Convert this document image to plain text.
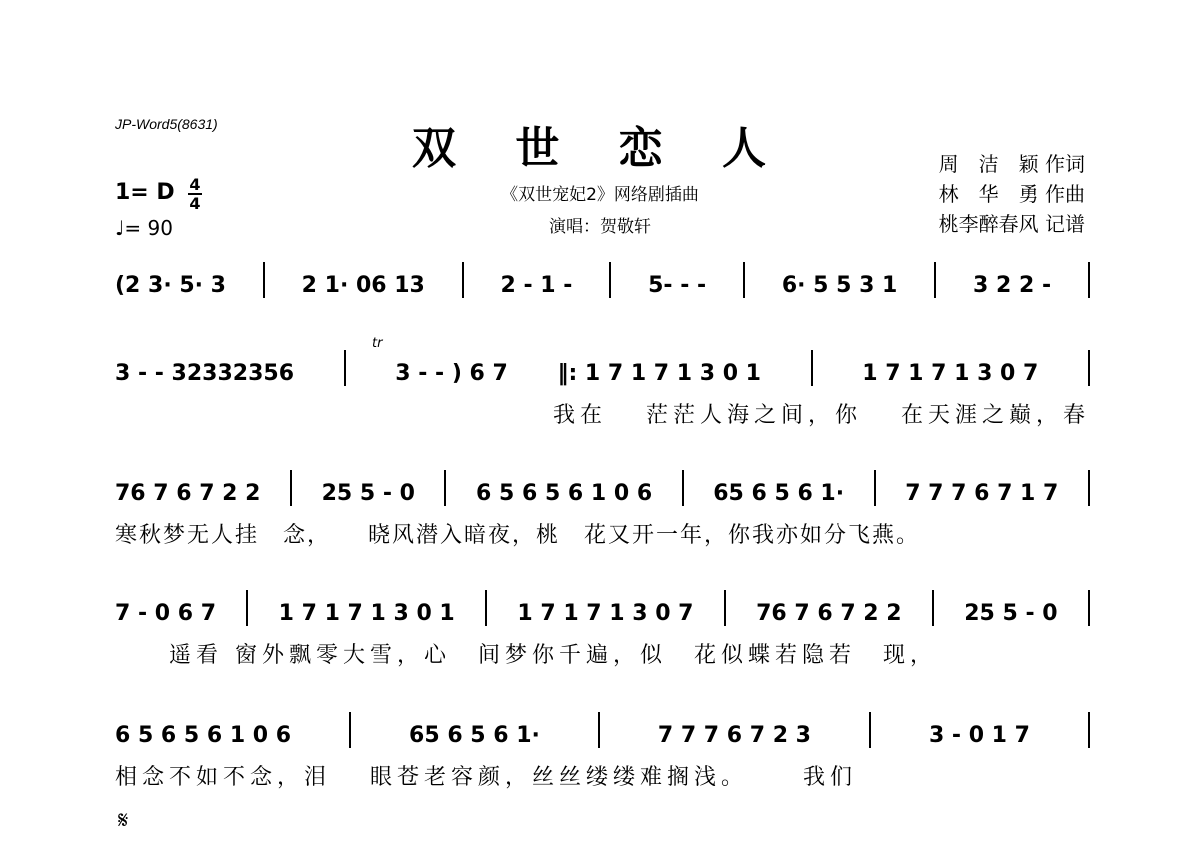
JP-Word5(8631)	双 世 恋 人
《双世宠妃2》网络剧插曲
演唱：贺敬轩
周　洁　颖 作词
林　华　勇 作曲
桃李醉春风 记谱
1= D 4
4
♩= 90
(2 3· 5· 3	2 1· 06 13	2 - 1 -	5- - -	6· 5 5 3 1	3 2 2 -
tr
3 - - 32332356	3 - - ) 6 7 ‖: 1 7 1 7 1 3 0 1	1 7 1 7 1 3 0 7
我在　 茫茫人海之间，你　 在天涯之巅，春
76 7 6 7 2 2	25 5 - 0	6 5 6 5 6 1 0 6	65 6 5 6 1·	7 7 7 6 7 1 7
寒秋梦无人挂　念，　　晓风潜入暗夜，桃　花又开一年，你我亦如分飞燕。
7 - 0 6 7	1 7 1 7 1 3 0 1	1 7 1 7 1 3 0 7	76 7 6 7 2 2	25 5 - 0
　　遥看 窗外飘零大雪，心　间梦你千遍，似　花似蝶若隐若　现，
6 5 6 5 6 1 0 6	65 6 5 6 1·	7 7 7 6 7 2 3	3 - 0 1 7
相念不如不念，泪　 眼苍老容颜，丝丝缕缕难搁浅。　　 我们
𝄋
